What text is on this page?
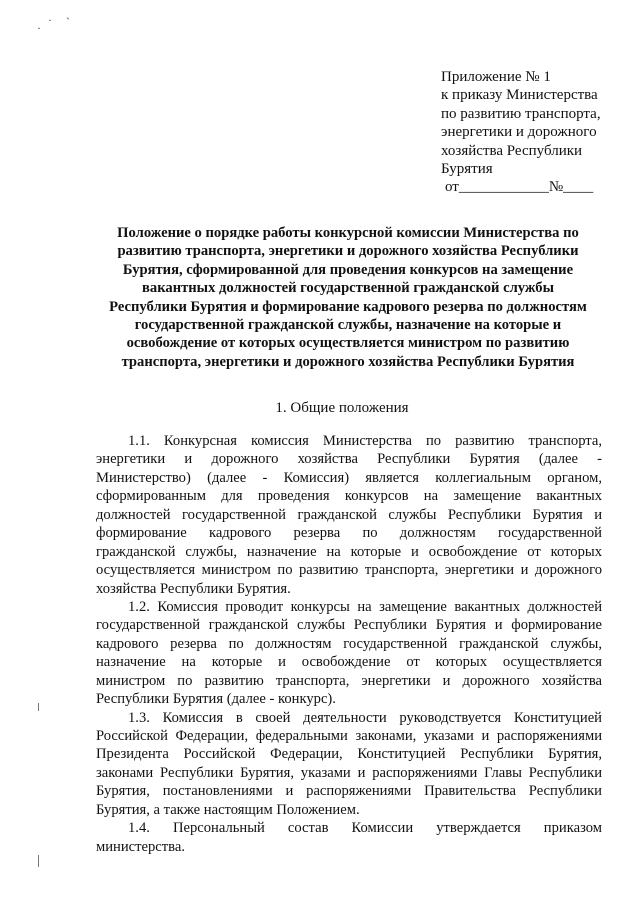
·
· `
Приложение № 1
к приказу Министерства
по развитию транспорта,
энергетики и дорожного
хозяйства Республики
Бурятия
от____________№____
Положение о порядке работы конкурсной комиссии Министерства по
развитию транспорта, энергетики и дорожного хозяйства Республики
Бурятия, сформированной для проведения конкурсов на замещение
вакантных должностей государственной гражданской службы
Республики Бурятия и формирование кадрового резерва по должностям
государственной гражданской службы, назначение на которые и
освобождение от которых осуществляется министром по развитию
транспорта, энергетики и дорожного хозяйства Республики Бурятия
1. Общие положения
1.1. Конкурсная комиссия Министерства по развитию транспорта,
энергетики и дорожного хозяйства Республики Бурятия (далее -
Министерство) (далее - Комиссия) является коллегиальным органом,
сформированным для проведения конкурсов на замещение вакантных
должностей государственной гражданской службы Республики Бурятия и
формирование кадрового резерва по должностям государственной
гражданской службы, назначение на которые и освобождение от которых
осуществляется министром по развитию транспорта, энергетики и дорожного
хозяйства Республики Бурятия.
1.2. Комиссия проводит конкурсы на замещение вакантных должностей
государственной гражданской службы Республики Бурятия и формирование
кадрового резерва по должностям государственной гражданской службы,
назначение на которые и освобождение от которых осуществляется
министром по развитию транспорта, энергетики и дорожного хозяйства
Республики Бурятия (далее - конкурс).
1.3. Комиссия в своей деятельности руководствуется Конституцией
Российской Федерации, федеральными законами, указами и распоряжениями
Президента Российской Федерации, Конституцией Республики Бурятия,
законами Республики Бурятия, указами и распоряжениями Главы Республики
Бурятия, постановлениями и распоряжениями Правительства Республики
Бурятия, а также настоящим Положением.
1.4. Персональный состав Комиссии утверждается приказом
министерства.
